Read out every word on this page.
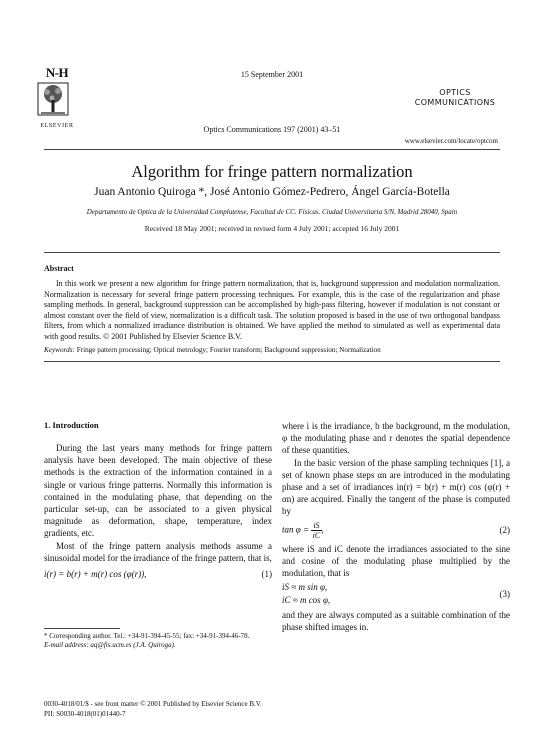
N-H
ELSEVIER
15 September 2001
OPTICS
COMMUNICATIONS
Optics Communications 197 (2001) 43–51
www.elsevier.com/locate/optcom
Algorithm for fringe pattern normalization
Juan Antonio Quiroga *, José Antonio Gómez-Pedrero, Ángel García-Botella
Departamento de Optica de la Universidad Complutense, Facultad de CC. Físicas. Ciudad Universitaria S/N, Madrid 28040, Spain
Received 18 May 2001; received in revised form 4 July 2001; accepted 16 July 2001
Abstract
In this work we present a new algorithm for fringe pattern normalization, that is, background suppression and modulation normalization. Normalization is necessary for several fringe pattern processing techniques. For example, this is the case of the regularization and phase sampling methods. In general, background suppression can be accomplished by high-pass filtering, however if modulation is not constant or almost constant over the field of view, normalization is a difficult task. The solution proposed is based in the use of two orthogonal bandpass filters, from which a normalized irradiance distribution is obtained. We have applied the method to simulated as well as experimental data with good results. © 2001 Published by Elsevier Science B.V.
Keywords: Fringe pattern processing; Optical metrology; Fourier transform; Background suppression; Normalization
1. Introduction

During the last years many methods for fringe pattern analysis have been developed. The main objective of these methods is the extraction of the information contained in a single or various fringe patterns. Normally this information is contained in the modulating phase, that depending on the particular set-up, can be associated to a given physical magnitude as deformation, shape, temperature, index gradients, etc.

Most of the fringe pattern analysis methods assume a sinusoidal model for the irradiance of the fringe pattern, that is,

i(r) = b(r) + m(r) cos (φ(r)),	(1)

where i is the irradiance, b the background, m the modulation, φ the modulating phase and r denotes the spatial dependence of these quantities.

In the basic version of the phase sampling techniques [1], a set of known phase steps αn are introduced in the modulating phase and a set of irradiances in(r) = b(r) + m(r) cos (φ(r) + αn) are acquired. Finally the tangent of the phase is computed by

$\tan \varphi = \frac{iS}{iC}$ ,	(2)

where iS and iC denote the irradiances associated to the sine and cosine of the modulating phase multiplied by the modulation, that is

iS ≈ m sin φ,
iC ≈ m cos φ,
(3)

and they are always computed as a suitable combination of the phase shifted images in.

* Corresponding author. Tel.: +34-91-394-45-55; fax: +34-91-394-46-78.
E-mail address: aq@fis.ucm.es (J.A. Quiroga).
0030-4018/01/$ - see front matter © 2001 Published by Elsevier Science B.V.
PII: S0030-4018(01)01440-7
